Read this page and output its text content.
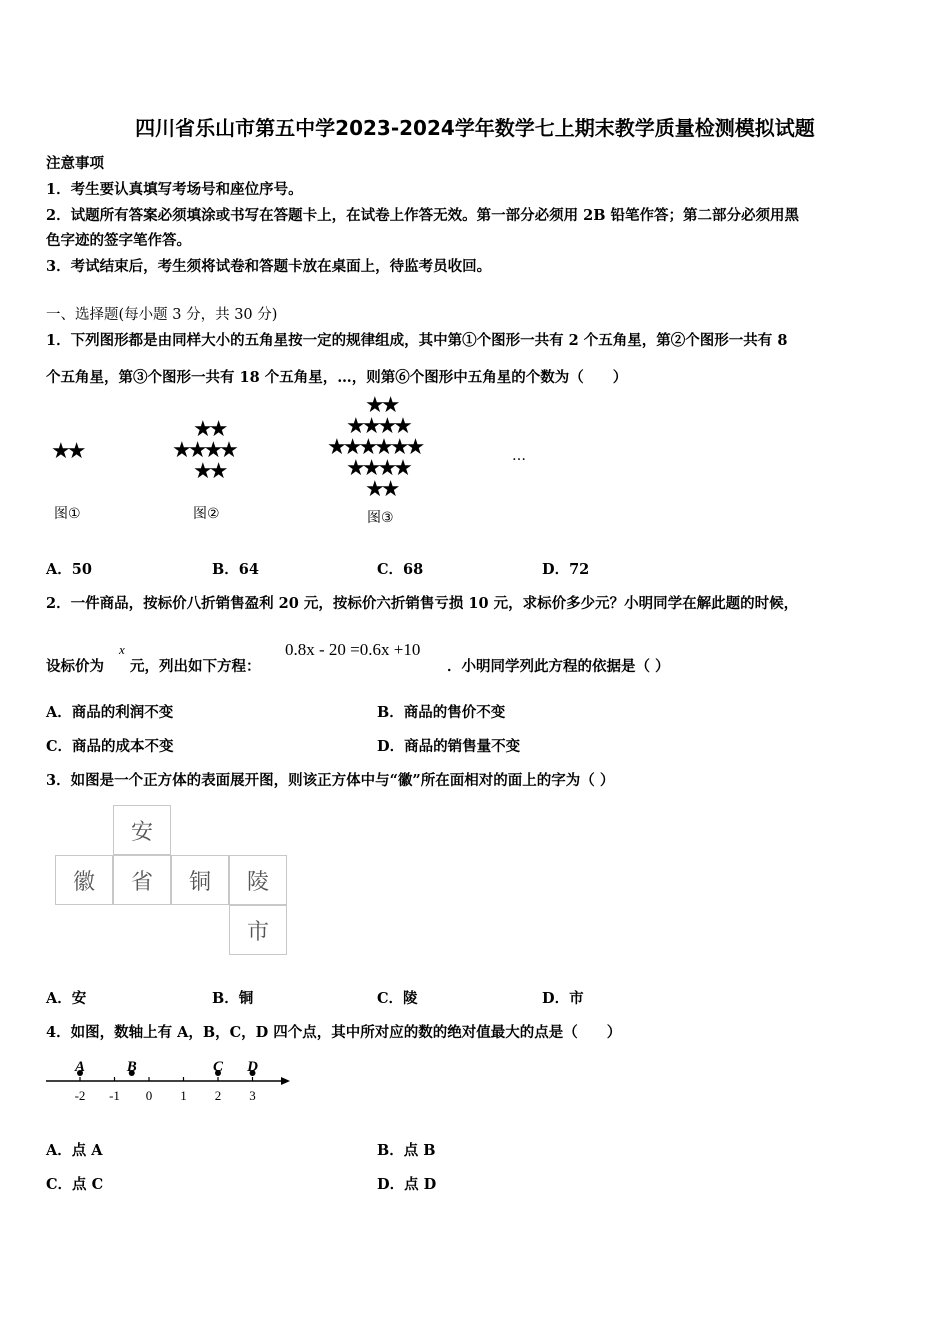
四川省乐山市第五中学2023-2024学年数学七上期末教学质量检测模拟试题
注意事项
1．考生要认真填写考场号和座位序号。
2．试题所有答案必须填涂或书写在答题卡上，在试卷上作答无效。第一部分必须用 2B 铅笔作答；第二部分必须用黑
色字迹的签字笔作答。
3．考试结束后，考生须将试卷和答题卡放在桌面上，待监考员收回。
一、选择题(每小题 3 分，共 30 分)
1．下列图形都是由同样大小的五角星按一定的规律组成，其中第①个图形一共有 2 个五角星，第②个图形一共有 8
个五角星，第③个图形一共有 18 个五角星，…，则第⑥个图形中五角星的个数为（　　）
★★
★★
★★★★
★★
★★
★★★★
★★★★★★
★★★★
★★
…
图①	图②	图③
A．50	B．64	C．68	D．72
2．一件商品，按标价八折销售盈利 20 元，按标价六折销售亏损 10 元，求标价多少元？小明同学在解此题的时候，
设标价为
x
元，列出如下方程：
0.8x - 20 =0.6x +10
．小明同学列此方程的依据是（ ）
A．商品的利润不变	B．商品的售价不变
C．商品的成本不变	D．商品的销售量不变
3．如图是一个正方体的表面展开图，则该正方体中与“徽”所在面相对的面上的字为（ ）
安
徽	省	铜	陵
市
A．安	B．铜	C．陵	D．市
4．如图，数轴上有 A，B，C，D 四个点，其中所对应的数的绝对值最大的点是（　　）
-2 -1 0 1 2 3
A	B	C D
A．点 A	B．点 B
C．点 C	D．点 D
